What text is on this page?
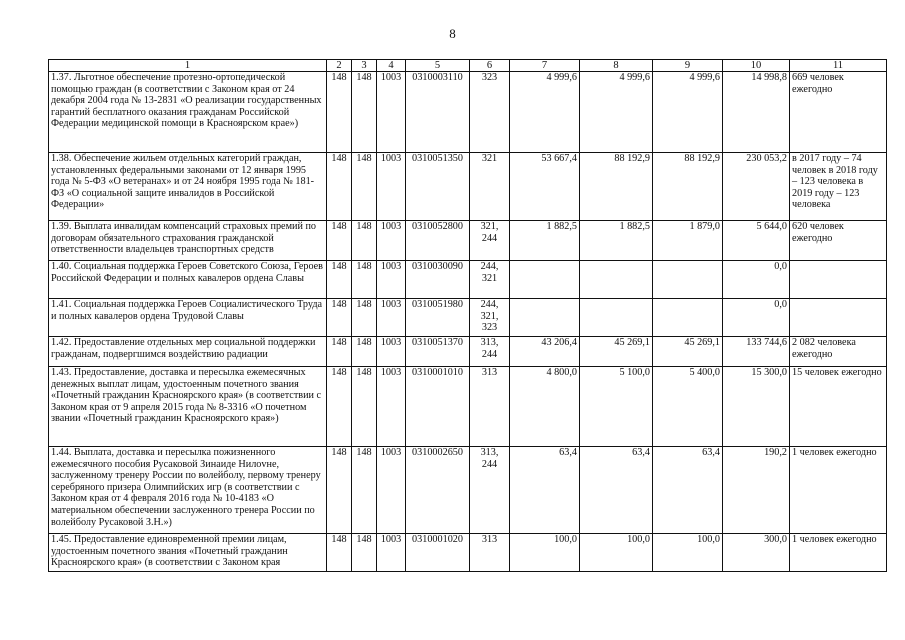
8
1	2	3	4	5	6	7	8	9	10	11
1.37. Льготное обеспечение протезно-ортопедической помощью граждан (в соответствии с Законом края от 24 декабря 2004 года № 13-2831 «О реализации государственных гарантий бесплатного оказания гражданам Российской Федерации медицинской помощи в Красноярском крае»)	148	148	1003	0310003110	323	4 999,6	4 999,6	4 999,6	14 998,8	669 человек ежегодно
1.38. Обеспечение жильем отдельных категорий граждан, установленных федеральными законами от 12 января 1995 года № 5-ФЗ «О ветеранах» и от 24 ноября 1995 года № 181-ФЗ «О социальной защите инвалидов в Российской Федерации»	148	148	1003	0310051350	321	53 667,4	88 192,9	88 192,9	230 053,2	в 2017 году – 74 человек в 2018 году – 123 человека в 2019 году – 123 человека
1.39. Выплата инвалидам компенсаций страховых премий по договорам обязательного страхования гражданской ответственности владельцев транспортных средств	148	148	1003	0310052800	321, 244	1 882,5	1 882,5	1 879,0	5 644,0	620 человек ежегодно
1.40. Социальная поддержка Героев Советского Союза, Героев Российской Федерации и полных кавалеров ордена Славы	148	148	1003	0310030090	244, 321				0,0	
1.41. Социальная поддержка Героев Социалистического Труда и полных кавалеров ордена Трудовой Славы	148	148	1003	0310051980	244, 321, 323				0,0	
1.42. Предоставление отдельных мер социальной поддержки гражданам, подвергшимся воздействию радиации	148	148	1003	0310051370	313, 244	43 206,4	45 269,1	45 269,1	133 744,6	2 082 человека ежегодно
1.43. Предоставление, доставка и пересылка ежемесячных денежных выплат лицам, удостоенным почетного звания «Почетный гражданин Красноярского края» (в соответствии с Законом края от 9 апреля 2015 года № 8-3316 «О почетном звании «Почетный гражданин Красноярского края»)	148	148	1003	0310001010	313	4 800,0	5 100,0	5 400,0	15 300,0	15 человек ежегодно
1.44. Выплата, доставка и пересылка пожизненного ежемесячного пособия Русаковой Зинаиде Нилovне, заслуженному тренеру России по волейболу, первому тренеру серебряного призера Олимпийских игр (в соответствии с Законом края от 4 февраля 2016 года № 10-4183 «О материальном обеспечении заслуженного тренера России по волейболу Русаковой З.Н.»)	148	148	1003	0310002650	313, 244	63,4	63,4	63,4	190,2	1 человек ежегодно
1.45. Предоставление единовременной премии лицам, удостоенным почетного звания «Почетный гражданин Красноярского края» (в соответствии с Законом края	148	148	1003	0310001020	313	100,0	100,0	100,0	300,0	1 человек ежегодно
